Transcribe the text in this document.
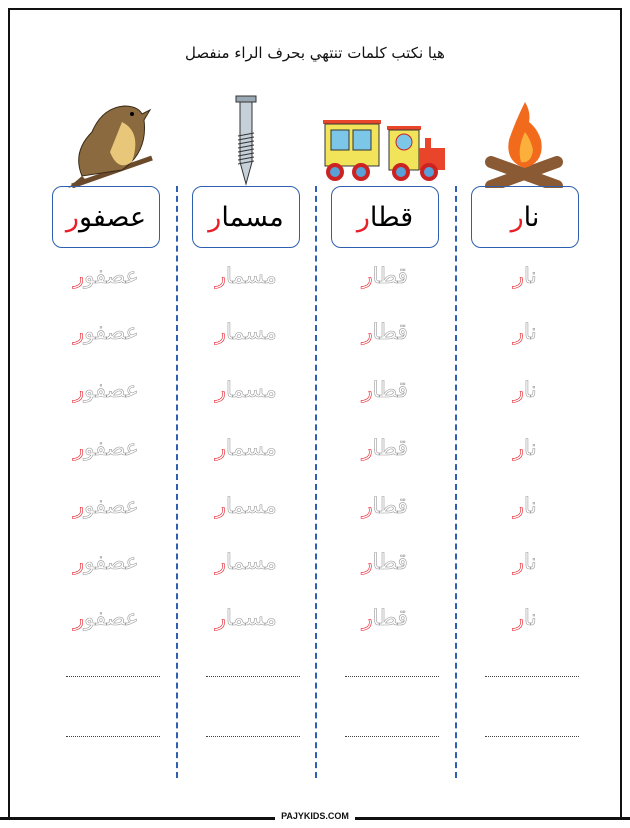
PAJYKIDS.COM
هيا نكتب كلمات تنتهي بحرف الراء منفصل
عصفو
ر
عصفور
عصفور
عصفور
عصفور
عصفور
عصفور
عصفور
مسما
ر
مسمار
مسمار
مسمار
مسمار
مسمار
مسمار
مسمار
قطا
ر
قطار
قطار
قطار
قطار
قطار
قطار
قطار
نا
ر
نار
نار
نار
نار
نار
نار
نار
